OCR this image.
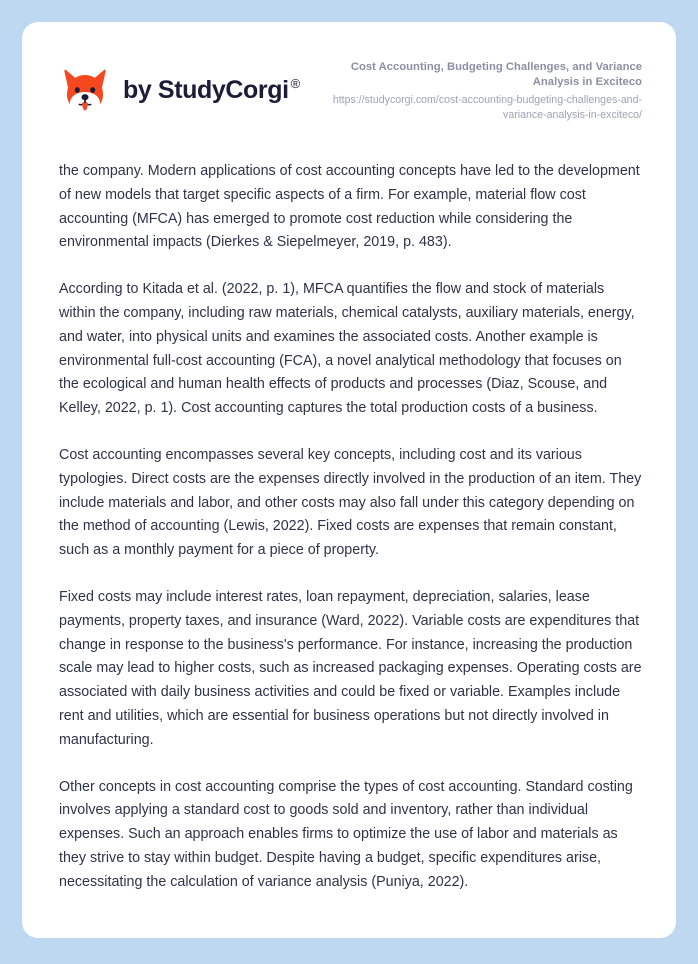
by StudyCorgi ®
Cost Accounting, Budgeting Challenges, and Variance Analysis in Exciteco
https://studycorgi.com/cost-accounting-budgeting-challenges-and-variance-analysis-in-exciteco/

the company. Modern applications of cost accounting concepts have led to the development of new models that target specific aspects of a firm. For example, material flow cost accounting (MFCA) has emerged to promote cost reduction while considering the environmental impacts (Dierkes & Siepelmeyer, 2019, p. 483).

According to Kitada et al. (2022, p. 1), MFCA quantifies the flow and stock of materials within the company, including raw materials, chemical catalysts, auxiliary materials, energy, and water, into physical units and examines the associated costs. Another example is environmental full-cost accounting (FCA), a novel analytical methodology that focuses on the ecological and human health effects of products and processes (Diaz, Scouse, and Kelley, 2022, p. 1). Cost accounting captures the total production costs of a business.

Cost accounting encompasses several key concepts, including cost and its various typologies. Direct costs are the expenses directly involved in the production of an item. They include materials and labor, and other costs may also fall under this category depending on the method of accounting (Lewis, 2022). Fixed costs are expenses that remain constant, such as a monthly payment for a piece of property.

Fixed costs may include interest rates, loan repayment, depreciation, salaries, lease payments, property taxes, and insurance (Ward, 2022). Variable costs are expenditures that change in response to the business's performance. For instance, increasing the production scale may lead to higher costs, such as increased packaging expenses. Operating costs are associated with daily business activities and could be fixed or variable. Examples include rent and utilities, which are essential for business operations but not directly involved in manufacturing.

Other concepts in cost accounting comprise the types of cost accounting. Standard costing involves applying a standard cost to goods sold and inventory, rather than individual expenses. Such an approach enables firms to optimize the use of labor and materials as they strive to stay within budget. Despite having a budget, specific expenditures arise, necessitating the calculation of variance analysis (Puniya, 2022).
